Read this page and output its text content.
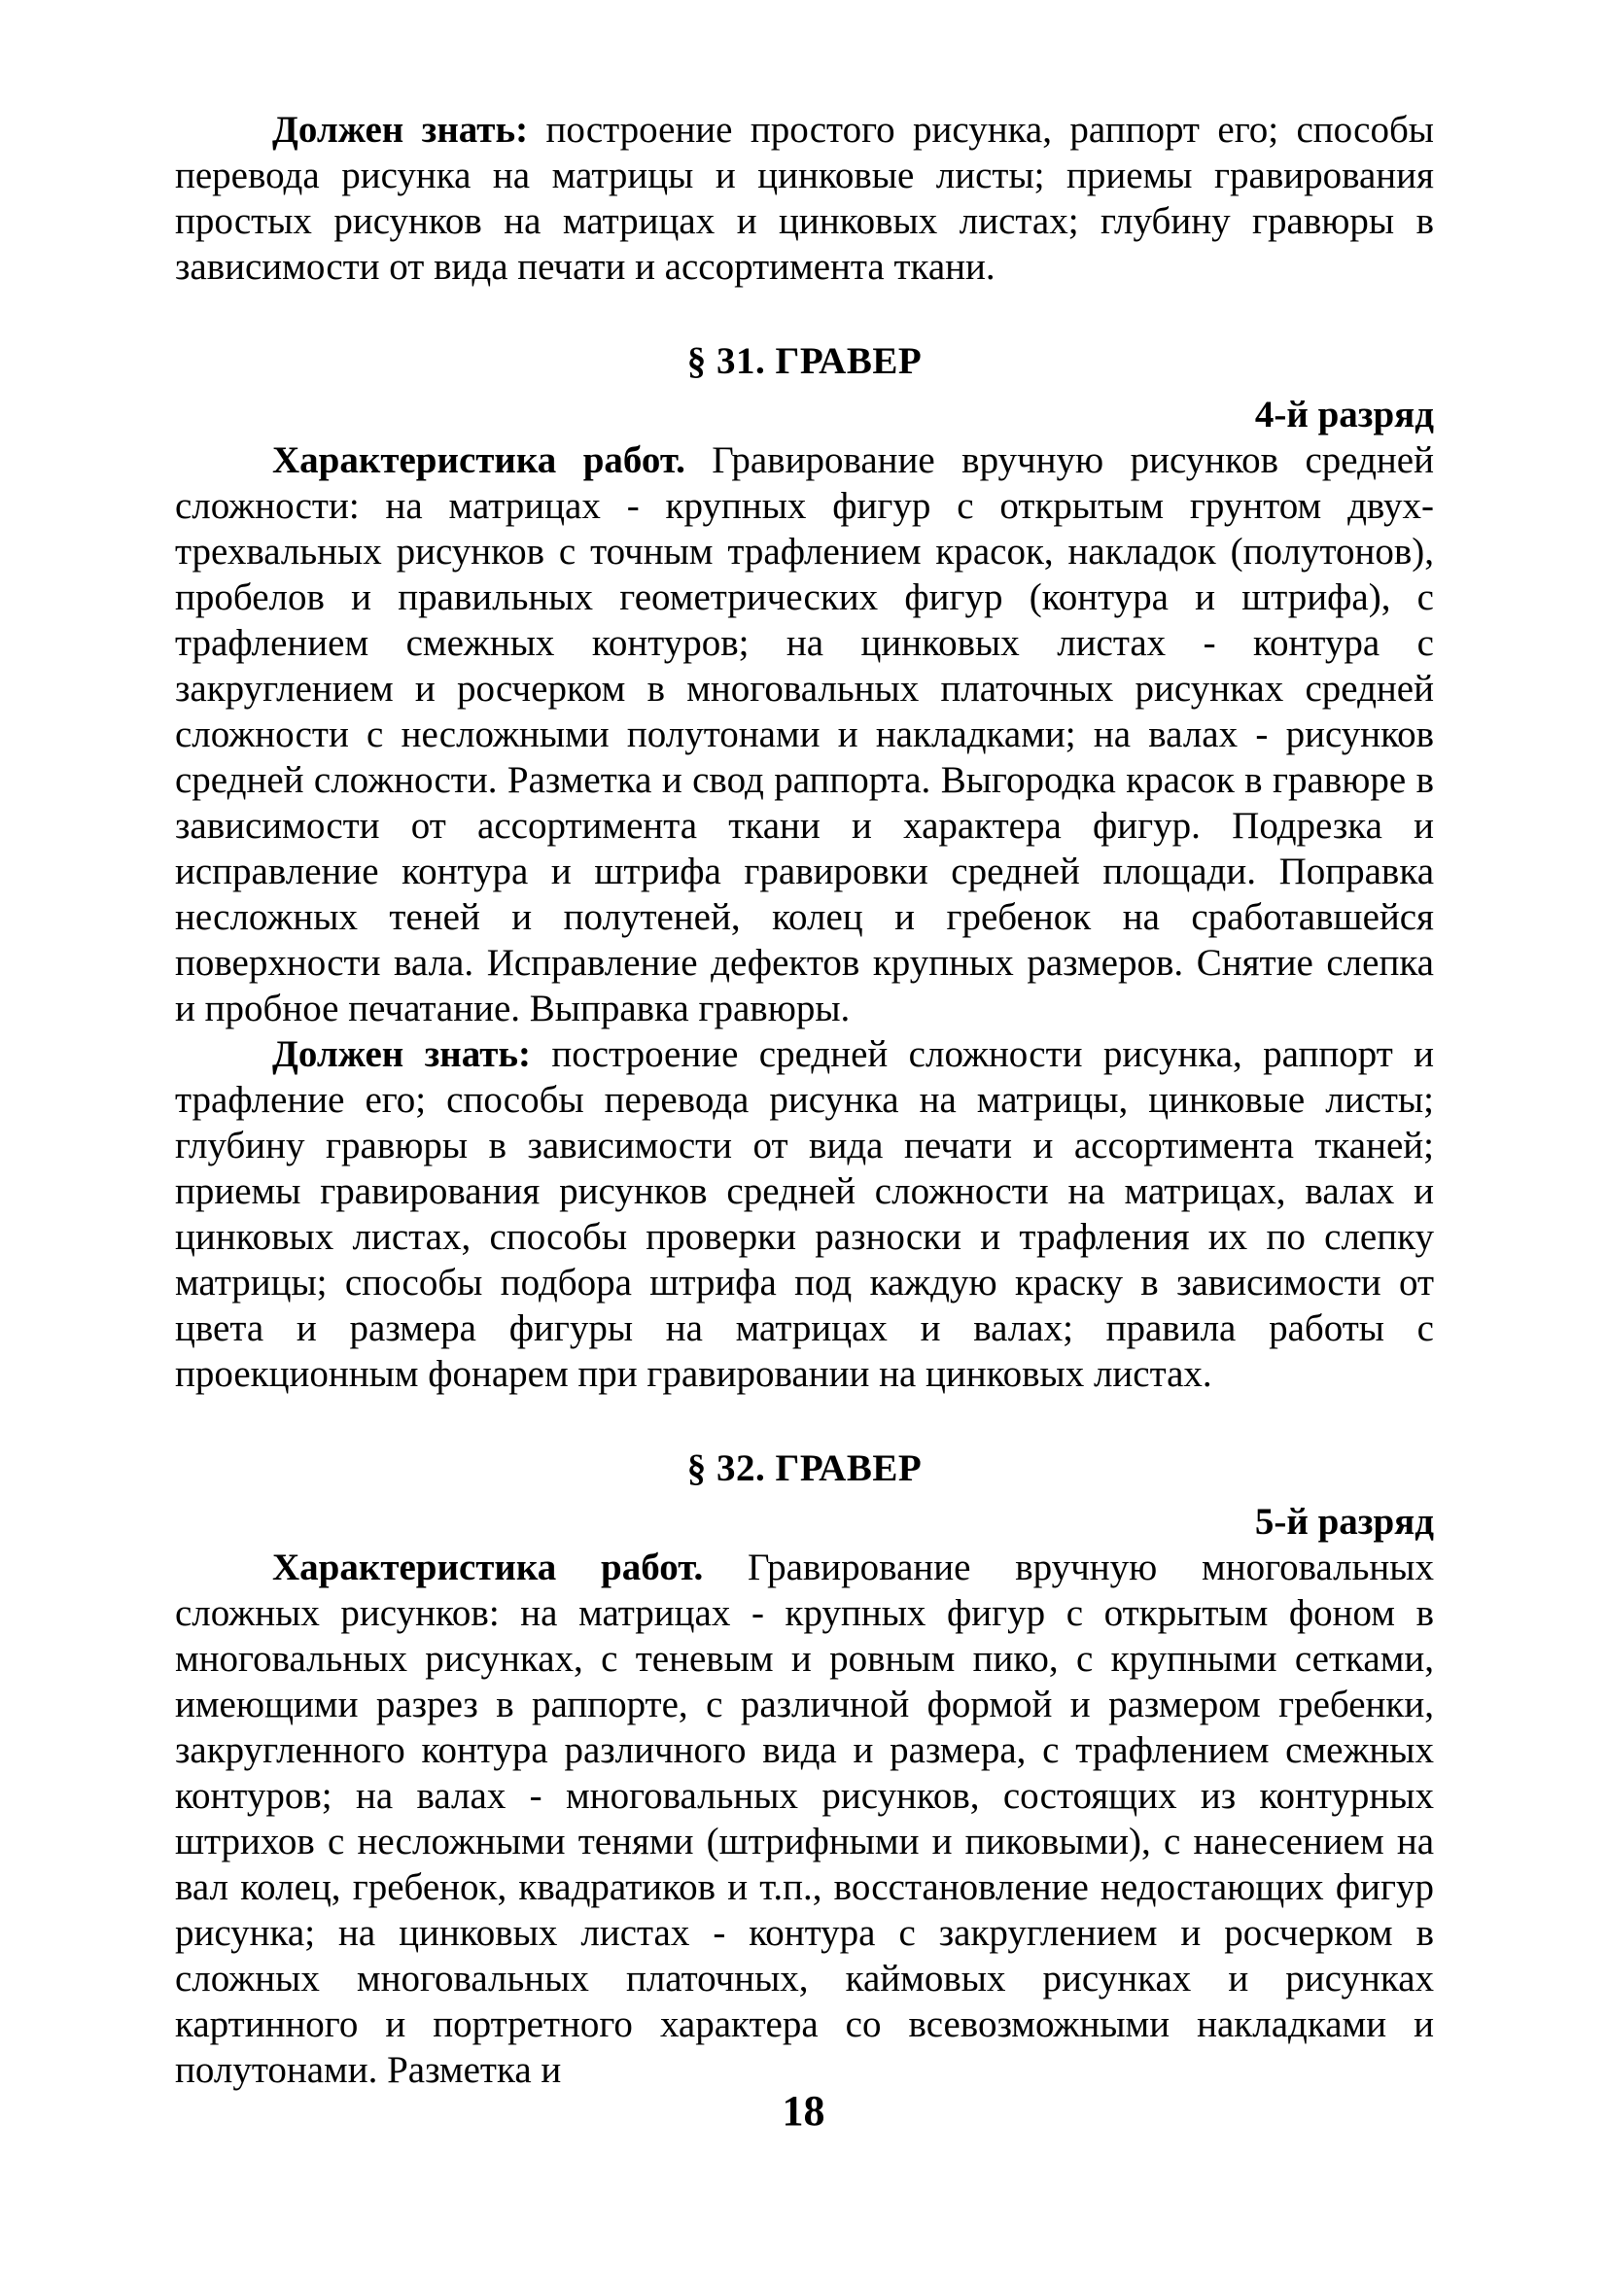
Должен знать: построение простого рисунка, раппорт его; способы перевода рисунка на матрицы и цинковые листы; приемы гравирования простых рисунков на матрицах и цинковых листах; глубину гравюры в зависимости от вида печати и ассортимента ткани.

§ 31. ГРАВЕР
4-й разряд

Характеристика работ. Гравирование вручную рисунков средней сложности: на матрицах - крупных фигур с открытым грунтом двух-трехвальных рисунков с точным трафлением красок, накладок (полутонов), пробелов и правильных геометрических фигур (контура и штрифа), с трафлением смежных контуров; на цинковых листах - контура с закруглением и росчерком в многовальных платочных рисунках средней сложности с несложными полутонами и накладками; на валах - рисунков средней сложности. Разметка и свод раппорта. Выгородка красок в гравюре в зависимости от ассортимента ткани и характера фигур. Подрезка и исправление контура и штрифа гравировки средней площади. Поправка несложных теней и полутеней, колец и гребенок на сработавшейся поверхности вала. Исправление дефектов крупных размеров. Снятие слепка и пробное печатание. Выправка гравюры.

Должен знать: построение средней сложности рисунка, раппорт и трафление его; способы перевода рисунка на матрицы, цинковые листы; глубину гравюры в зависимости от вида печати и ассортимента тканей; приемы гравирования рисунков средней сложности на матрицах, валах и цинковых листах, способы проверки разноски и трафления их по слепку матрицы; способы подбора штрифа под каждую краску в зависимости от цвета и размера фигуры на матрицах и валах; правила работы с проекционным фонарем при гравировании на цинковых листах.

§ 32. ГРАВЕР
5-й разряд

Характеристика работ. Гравирование вручную многовальных сложных рисунков: на матрицах - крупных фигур с открытым фоном в многовальных рисунках, с теневым и ровным пико, с крупными сетками, имеющими разрез в раппорте, с различной формой и размером гребенки, закругленного контура различного вида и размера, с трафлением смежных контуров; на валах - многовальных рисунков, состоящих из контурных штрихов с несложными тенями (штрифными и пиковыми), с нанесением на вал колец, гребенок, квадратиков и т.п., восстановление недостающих фигур рисунка; на цинковых листах - контура с закруглением и росчерком в сложных многовальных платочных, каймовых рисунках и рисунках картинного и портретного характера со всевозможными накладками и полутонами. Разметка и

18
